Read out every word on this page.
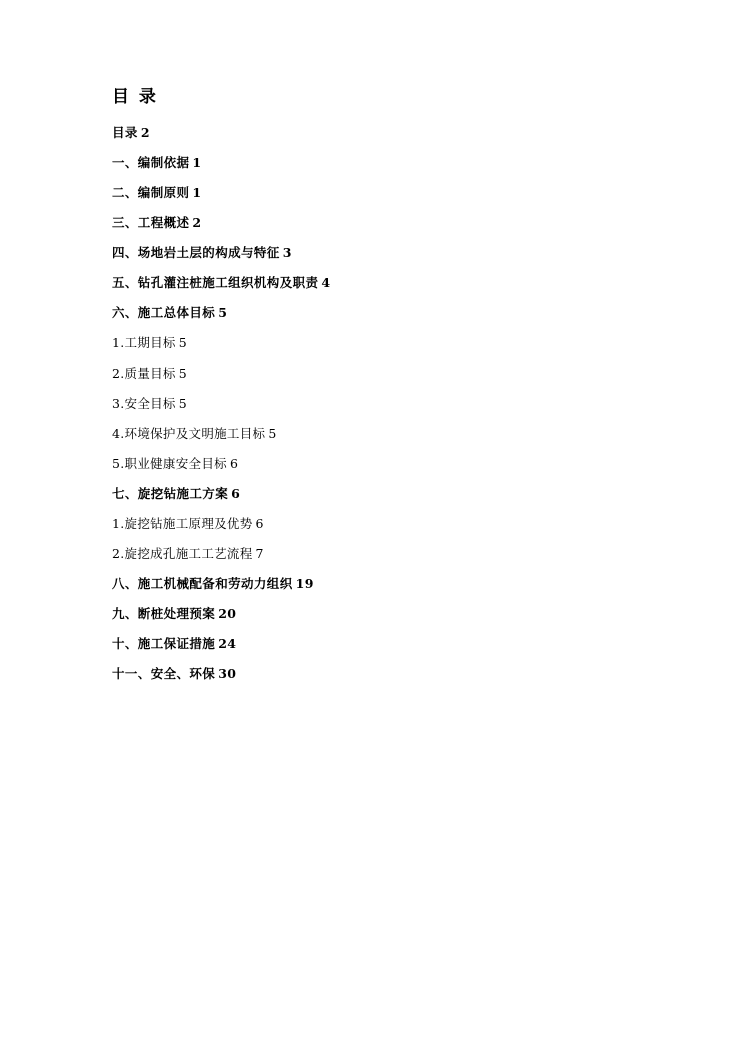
目 录
目录 2
一、编制依据 1
二、编制原则 1
三、工程概述 2
四、场地岩土层的构成与特征 3
五、钻孔灌注桩施工组织机构及职责 4
六、施工总体目标 5
1.工期目标 5
2.质量目标 5
3.安全目标 5
4.环境保护及文明施工目标 5
5.职业健康安全目标 6
七、旋挖钻施工方案 6
1.旋挖钻施工原理及优势 6
2.旋挖成孔施工工艺流程 7
八、施工机械配备和劳动力组织 19
九、断桩处理预案 20
十、施工保证措施 24
十一、安全、环保 30
